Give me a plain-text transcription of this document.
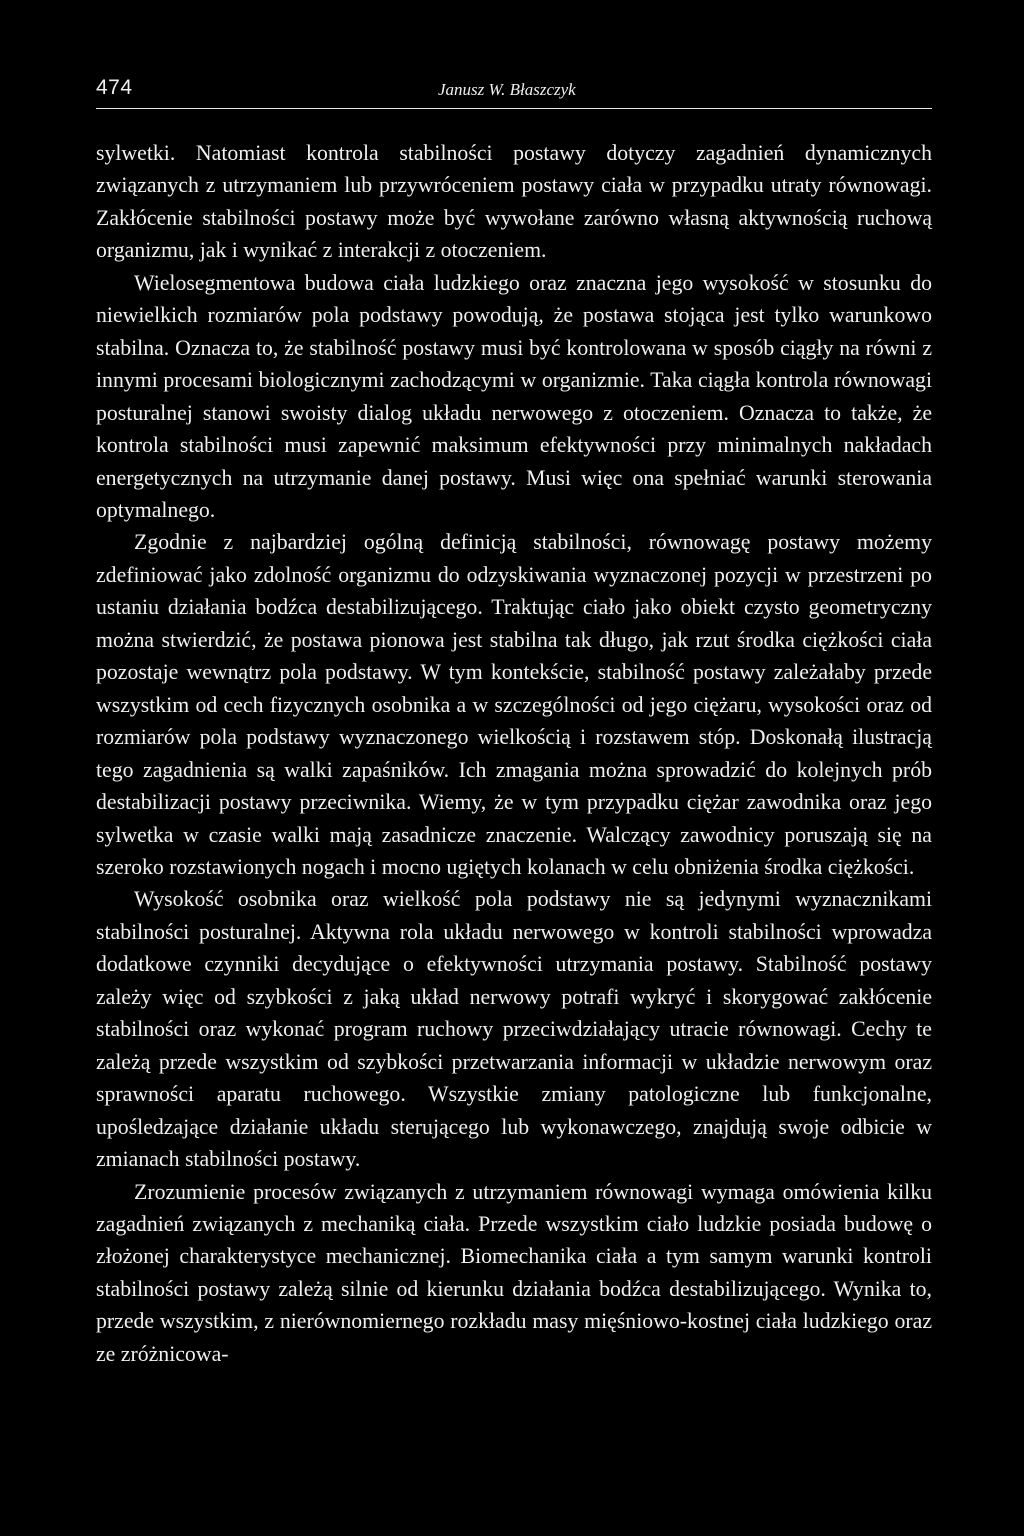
474	Janusz W. Błaszczyk

sylwetki. Natomiast kontrola stabilności postawy dotyczy zagadnień dynamicznych związanych z utrzymaniem lub przywróceniem postawy ciała w przypadku utraty równowagi. Zakłócenie stabilności postawy może być wywołane zarówno własną aktywnością ruchową organizmu, jak i wynikać z interakcji z otoczeniem.

Wielosegmentowa budowa ciała ludzkiego oraz znaczna jego wysokość w stosunku do niewielkich rozmiarów pola podstawy powodują, że postawa stojąca jest tylko warunkowo stabilna. Oznacza to, że stabilność postawy musi być kontrolowana w sposób ciągły na równi z innymi procesami biologicznymi zachodzącymi w organizmie. Taka ciągła kontrola równowagi posturalnej stanowi swoisty dialog układu nerwowego z otoczeniem. Oznacza to także, że kontrola stabilności musi zapewnić maksimum efektywności przy minimalnych nakładach energetycznych na utrzymanie danej postawy. Musi więc ona spełniać warunki sterowania optymalnego.

Zgodnie z najbardziej ogólną definicją stabilności, równowagę postawy możemy zdefiniować jako zdolność organizmu do odzyskiwania wyznaczonej pozycji w przestrzeni po ustaniu działania bodźca destabilizującego. Traktując ciało jako obiekt czysto geometryczny można stwierdzić, że postawa pionowa jest stabilna tak długo, jak rzut środka ciężkości ciała pozostaje wewnątrz pola podstawy. W tym kontekście, stabilność postawy zależałaby przede wszystkim od cech fizycznych osobnika a w szczególności od jego ciężaru, wysokości oraz od rozmiarów pola podstawy wyznaczonego wielkością i rozstawem stóp. Doskonałą ilustracją tego zagadnienia są walki zapaśników. Ich zmagania można sprowadzić do kolejnych prób destabilizacji postawy przeciwnika. Wiemy, że w tym przypadku ciężar zawodnika oraz jego sylwetka w czasie walki mają zasadnicze znaczenie. Walczący zawodnicy poruszają się na szeroko rozstawionych nogach i mocno ugiętych kolanach w celu obniżenia środka ciężkości.

Wysokość osobnika oraz wielkość pola podstawy nie są jedynymi wyznacznikami stabilności posturalnej. Aktywna rola układu nerwowego w kontroli stabilności wprowadza dodatkowe czynniki decydujące o efektywności utrzymania postawy. Stabilność postawy zależy więc od szybkości z jaką układ nerwowy potrafi wykryć i skorygować zakłócenie stabilności oraz wykonać program ruchowy przeciwdziałający utracie równowagi. Cechy te zależą przede wszystkim od szybkości przetwarzania informacji w układzie nerwowym oraz sprawności aparatu ruchowego. Wszystkie zmiany patologiczne lub funkcjonalne, upośledzające działanie układu sterującego lub wykonawczego, znajdują swoje odbicie w zmianach stabilności postawy.

Zrozumienie procesów związanych z utrzymaniem równowagi wymaga omówienia kilku zagadnień związanych z mechaniką ciała. Przede wszystkim ciało ludzkie posiada budowę o złożonej charakterystyce mechanicznej. Biomechanika ciała a tym samym warunki kontroli stabilności postawy zależą silnie od kierunku działania bodźca destabilizującego. Wynika to, przede wszystkim, z nierównomiernego rozkładu masy mięśniowo-kostnej ciała ludzkiego oraz ze zróżnicowa-
